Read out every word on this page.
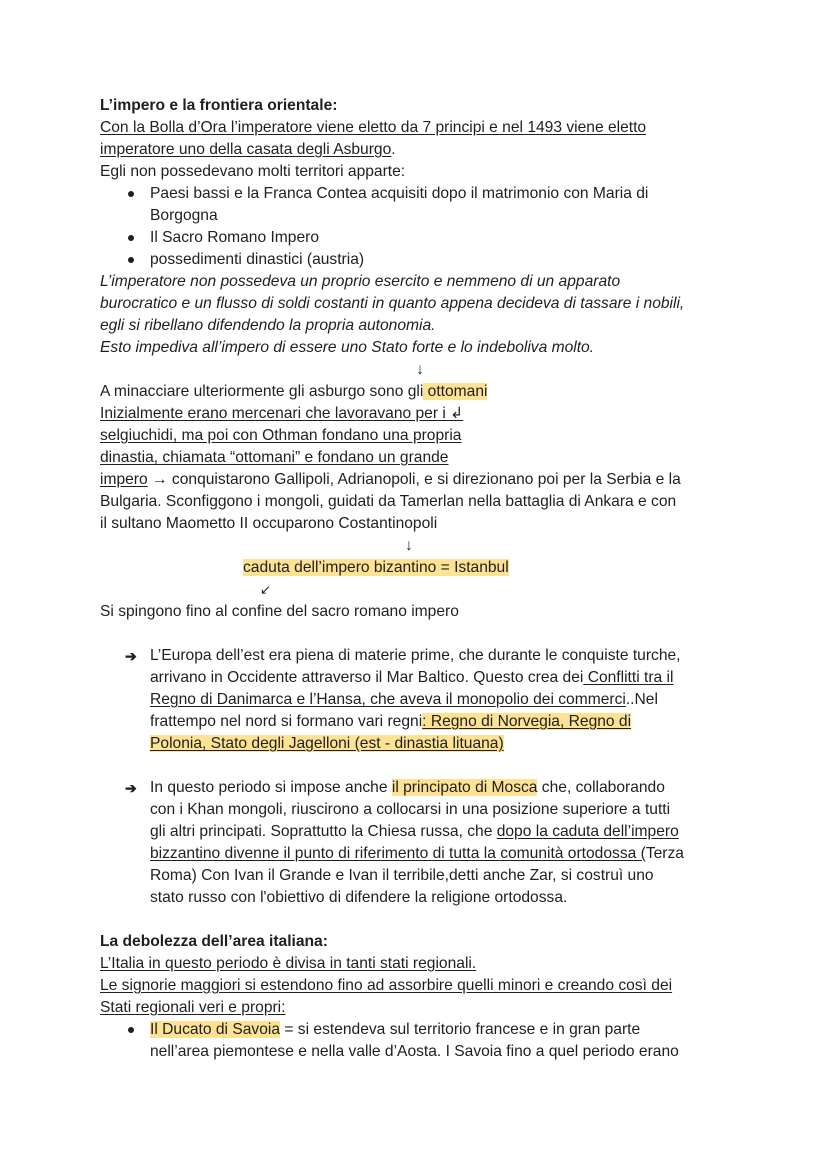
L’impero e la frontiera orientale:
Con la Bolla d’Ora l’imperatore viene eletto da 7 principi e nel 1493 viene eletto
imperatore uno della casata degli Asburgo.
Egli non possedevano molti territori apparte:
Paesi bassi e la Franca Contea acquisiti dopo il matrimonio con Maria di
Borgogna
Il Sacro Romano Impero
possedimenti dinastici (austria)
L’imperatore non possedeva un proprio esercito e nemmeno di un apparato
burocratico e un flusso di soldi costanti in quanto appena decideva di tassare i nobili,
egli si ribellano difendendo la propria autonomia.
Esto impediva all’impero di essere uno Stato forte e lo indeboliva molto.
↓
A minacciare ulteriormente gli asburgo sono gli ottomani
Inizialmente erano mercenari che lavoravano per i ↲
selgiuchidi, ma poi con Othman fondano una propria
dinastia, chiamata “ottomani” e fondano un grande
impero → conquistarono Gallipoli, Adrianopoli, e si direzionano poi per la Serbia e la
Bulgaria. Sconfiggono i mongoli, guidati da Tamerlan nella battaglia di Ankara e con
il sultano Maometto II occuparono Costantinopoli
↓
caduta dell’impero bizantino = Istanbul
↙
Si spingono fino al confine del sacro romano impero
➔ L’Europa dell’est era piena di materie prime, che durante le conquiste turche,
arrivano in Occidente attraverso il Mar Baltico. Questo crea dei Conflitti tra il
Regno di Danimarca e l’Hansa, che aveva il monopolio dei commerci..Nel
frattempo nel nord si formano vari regni: Regno di Norvegia, Regno di
Polonia, Stato degli Jagelloni (est - dinastia lituana)
➔ In questo periodo si impose anche il principato di Mosca che, collaborando
con i Khan mongoli, riuscirono a collocarsi in una posizione superiore a tutti
gli altri principati. Soprattutto la Chiesa russa, che dopo la caduta dell’impero
bizzantino divenne il punto di riferimento di tutta la comunità ortodossa (Terza
Roma) Con Ivan il Grande e Ivan il terribile,detti anche Zar, si costruì uno
stato russo con l'obiettivo di difendere la religione ortodossa.
La debolezza dell’area italiana:
L’Italia in questo periodo è divisa in tanti stati regionali.
Le signorie maggiori si estendono fino ad assorbire quelli minori e creando così dei
Stati regionali veri e propri:
Il Ducato di Savoia = si estendeva sul territorio francese e in gran parte
nell’area piemontese e nella valle d’Aosta. I Savoia fino a quel periodo erano
